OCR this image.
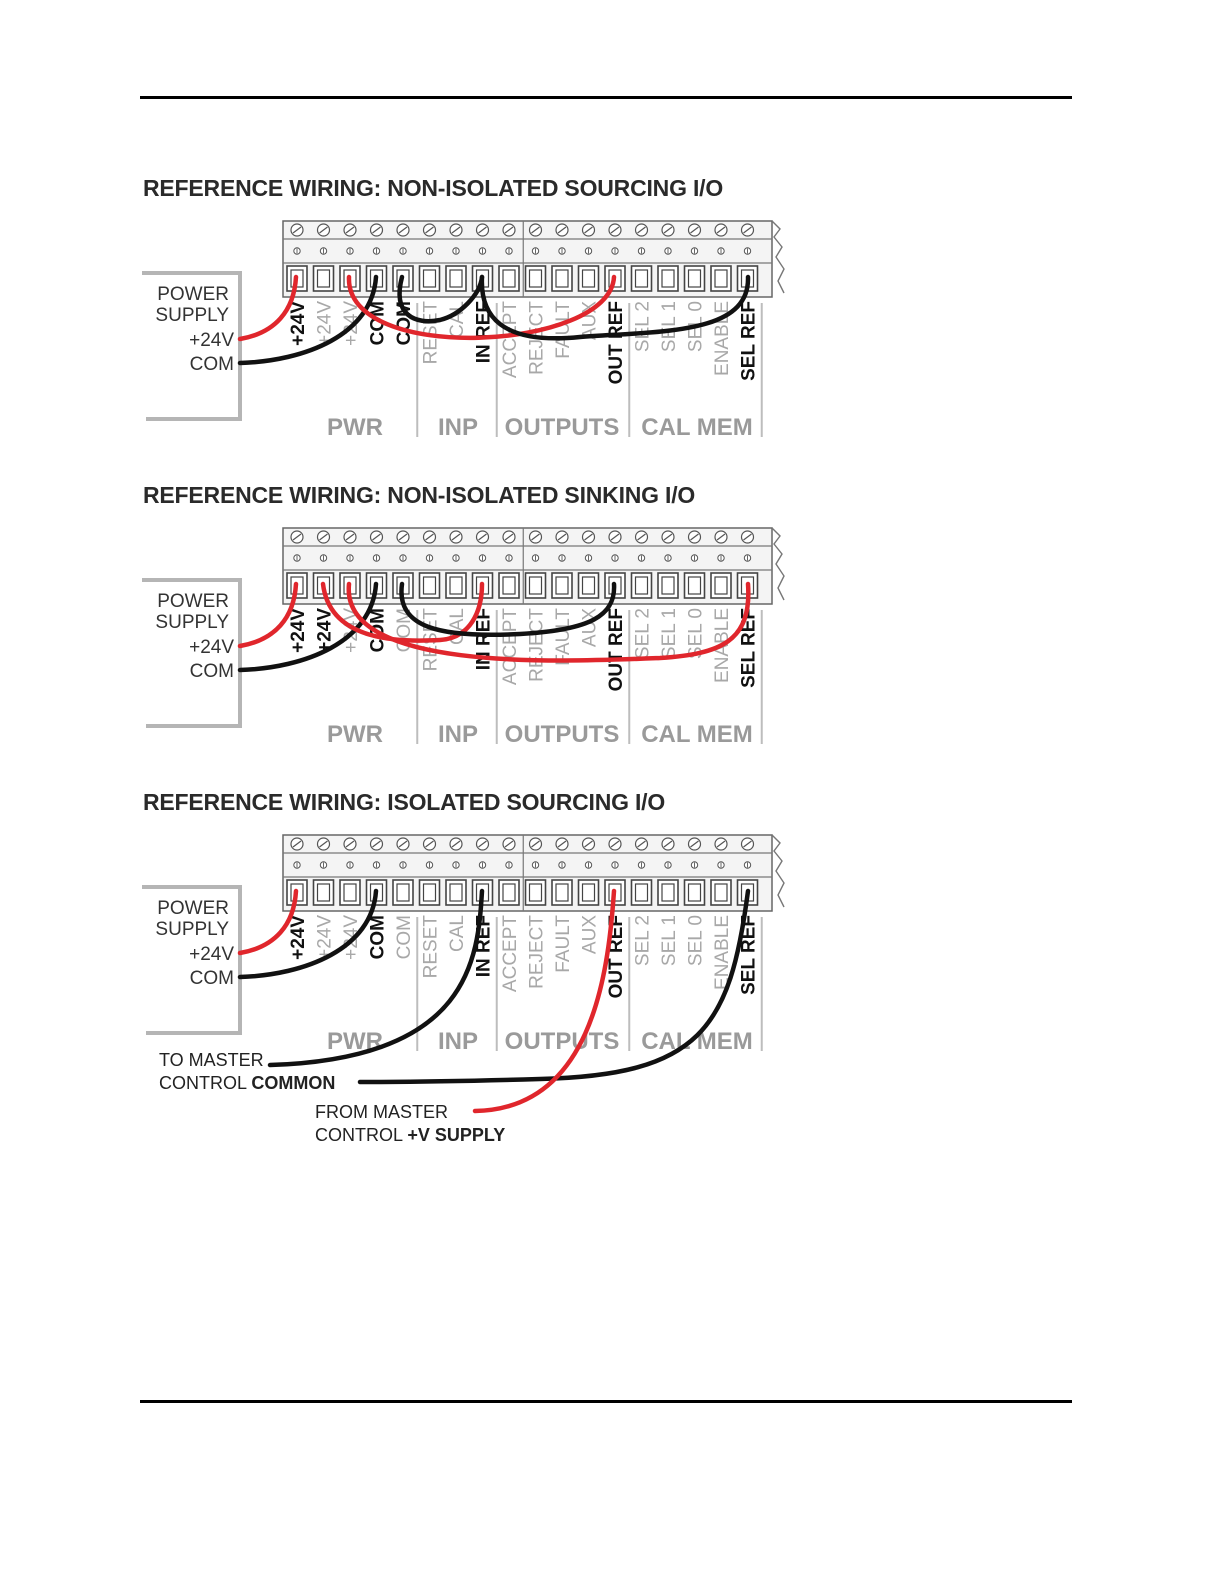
REFERENCE WIRING: NON-ISOLATED SOURCING I/O
POWER
SUPPLY
+24V
COM
+24V +24V +24V COM COM RESET CAL IN REF ACCEPT REJECT FAULT AUX OUT REF SEL 2 SEL 1 SEL 0 ENABLE SEL REF
PWR INP OUTPUTS CAL MEM
REFERENCE WIRING: NON-ISOLATED SINKING I/O
POWER
SUPPLY
+24V
COM
+24V +24V +24V COM COM RESET CAL IN REF ACCEPT REJECT FAULT AUX OUT REF SEL 2 SEL 1 SEL 0 ENABLE SEL REF
PWR INP OUTPUTS CAL MEM
REFERENCE WIRING: ISOLATED SOURCING I/O
POWER
SUPPLY
+24V
COM
+24V +24V +24V COM COM RESET CAL IN REF ACCEPT REJECT FAULT AUX OUT REF SEL 2 SEL 1 SEL 0 ENABLE SEL REF
PWR INP OUTPUTS CAL MEM
TO MASTER
CONTROL COMMON
FROM MASTER
CONTROL +V SUPPLY
